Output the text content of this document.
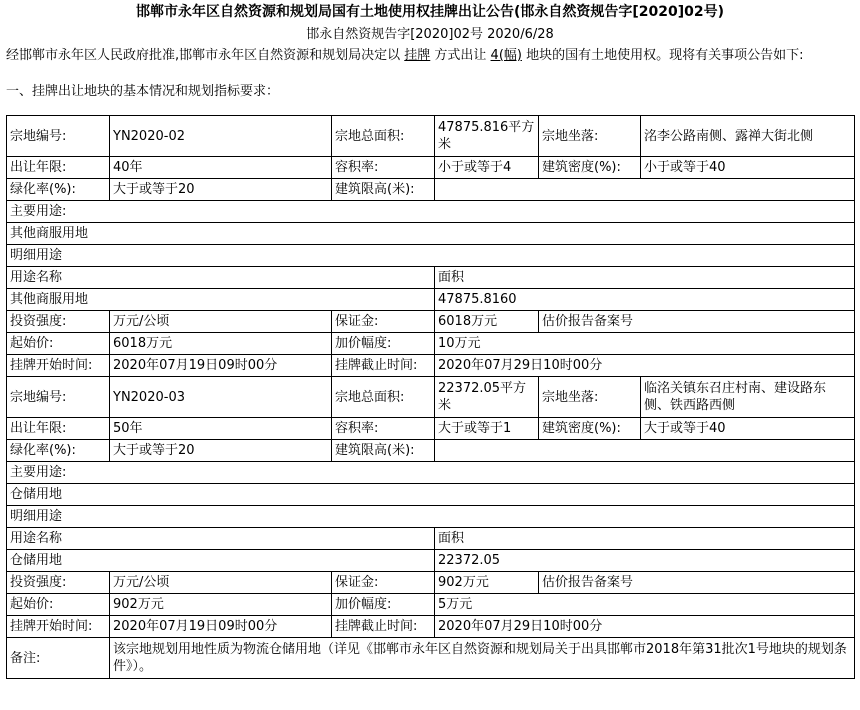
邯郸市永年区自然资源和规划局国有土地使用权挂牌出让公告(邯永自然资规告字[2020]02号)
邯永自然资规告字[2020]02号 2020/6/28
经邯郸市永年区人民政府批准,邯郸市永年区自然资源和规划局决定以 挂牌 方式出让 4(幅) 地块的国有土地使用权。现将有关事项公告如下:
一、挂牌出让地块的基本情况和规划指标要求：
宗地编号:	YN2020-02	宗地总面积:	47875.816平方米	宗地坐落:	洺李公路南侧、露禅大街北侧
出让年限:	40年	容积率:	小于或等于4	建筑密度(%):	小于或等于40
绿化率(%):	大于或等于20	建筑限高(米):			
主要用途:					
其他商服用地					
明细用途					
用途名称			面积		
其他商服用地			47875.8160		
投资强度:	万元/公顷	保证金:	6018万元	估价报告备案号	
起始价:	6018万元	加价幅度:	10万元		
挂牌开始时间:	2020年07月19日09时00分	挂牌截止时间:	2020年07月29日10时00分		
宗地编号:	YN2020-03	宗地总面积:	22372.05平方米	宗地坐落:	临洺关镇东召庄村南、建设路东侧、铁西路西侧
出让年限:	50年	容积率:	大于或等于1	建筑密度(%):	大于或等于40
绿化率(%):	大于或等于20	建筑限高(米):			
主要用途:					
仓储用地					
明细用途					
用途名称			面积		
仓储用地			22372.05		
投资强度:	万元/公顷	保证金:	902万元	估价报告备案号	
起始价:	902万元	加价幅度:	5万元		
挂牌开始时间:	2020年07月19日09时00分	挂牌截止时间:	2020年07月29日10时00分		
备注:	该宗地规划用地性质为物流仓储用地（详见《邯郸市永年区自然资源和规划局关于出具邯郸市2018年第31批次1号地块的规划条件》）。				
